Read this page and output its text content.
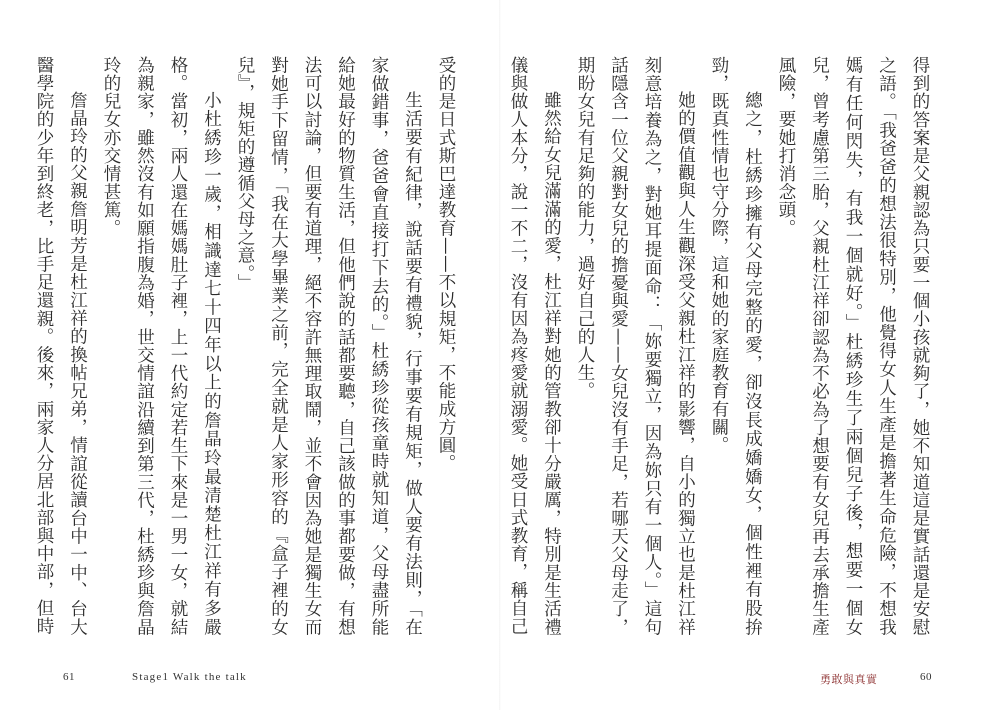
受的是日式斯巴達教育——不以規矩，不能成方圓。

生活要有紀律，說話要有禮貌，行事要有規矩，做人要有法則，「在家做錯事，爸爸會直接打下去的。」杜綉珍從孩童時就知道，父母盡所能給她最好的物質生活，但他們說的話都要聽，自己該做的事都要做，有想法可以討論，但要有道理，絕不容許無理取鬧，並不會因為她是獨生女而對她手下留情，「我在大學畢業之前，完全就是人家形容的『盒子裡的女兒』，規矩的遵循父母之意。」

小杜綉珍一歲，相識達七十四年以上的詹晶玲最清楚杜江祥有多嚴格。當初，兩人還在媽媽肚子裡，上一代約定若生下來是一男一女，就結為親家，雖然沒有如願指腹為婚，世交情誼沿續到第三代，杜綉珍與詹晶玲的兒女亦交情甚篤。

詹晶玲的父親詹明芳是杜江祥的換帖兄弟，情誼從讀台中一中、台大醫學院的少年到終老，比手足還親。後來，兩家人分居北部與中部，但時

61	Stage1 Walk the talk

得到的答案是父親認為只要一個小孩就夠了，她不知道這是實話還是安慰之語。「我爸爸的想法很特別，他覺得女人生產是擔著生命危險，不想我媽有任何閃失，有我一個就好。」杜綉珍生了兩個兒子後，想要一個女兒，曾考慮第三胎，父親杜江祥卻認為不必為了想要有女兒再去承擔生產風險，要她打消念頭。

總之，杜綉珍擁有父母完整的愛，卻沒長成嬌嬌女，個性裡有股拚勁，既真性情也守分際，這和她的家庭教育有關。

她的價值觀與人生觀深受父親杜江祥的影響，自小的獨立也是杜江祥刻意培養為之，對她耳提面命：「妳要獨立，因為妳只有一個人。」這句話隱含一位父親對女兒的擔憂與愛——女兒沒有手足，若哪天父母走了，期盼女兒有足夠的能力，過好自己的人生。

雖然給女兒滿滿的愛，杜江祥對她的管教卻十分嚴厲，特別是生活禮儀與做人本分，說一不二，沒有因為疼愛就溺愛。她受日式教育，稱自己

勇敢與真實	60
